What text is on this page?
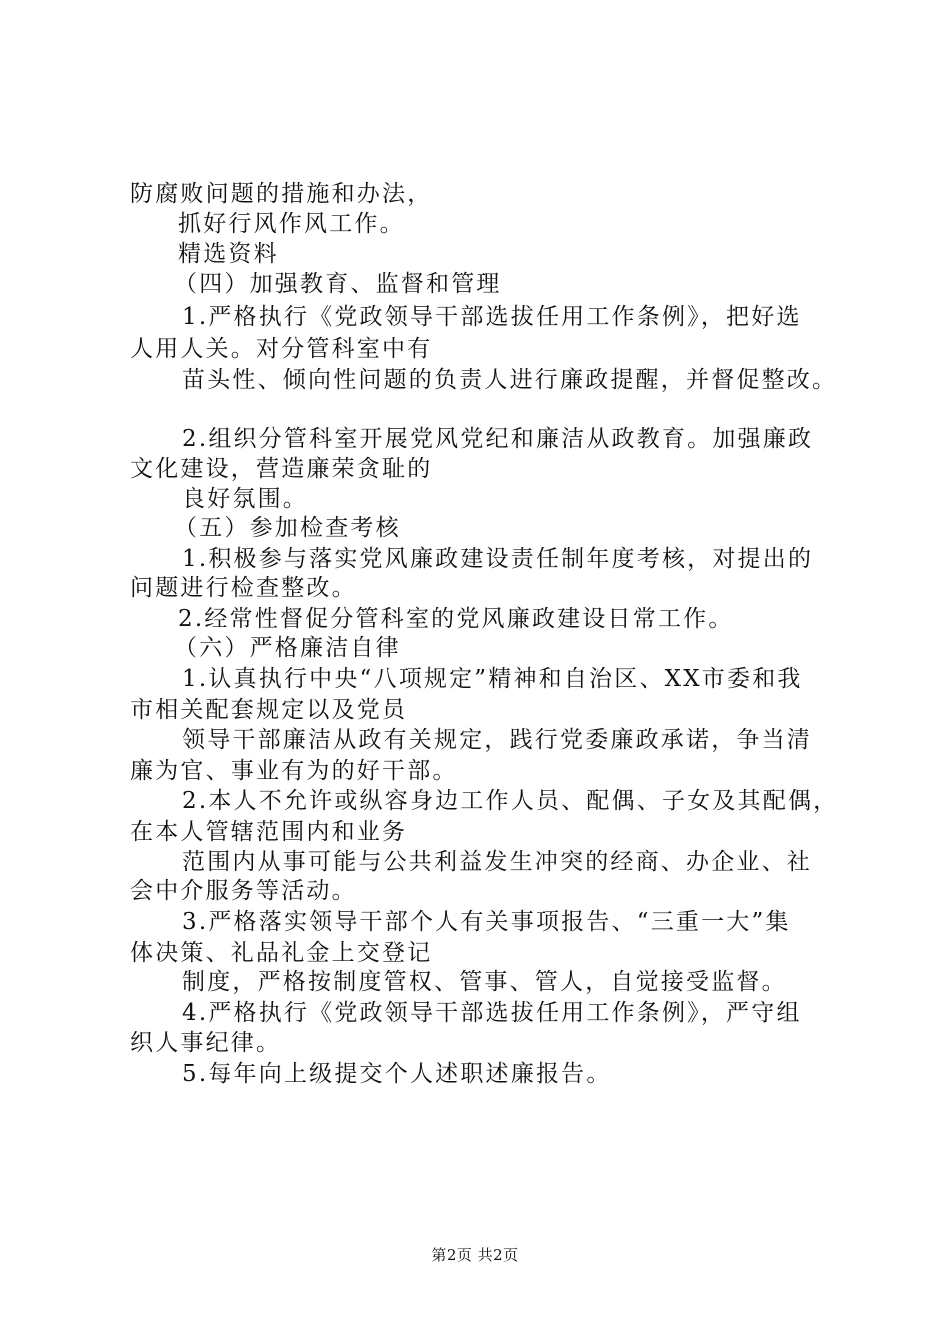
防腐败问题的措施和办法，
抓好行风作风工作。
精选资料
（四）加强教育、监督和管理
1.严格执行《党政领导干部选拔任用工作条例》，把好选
人用人关。对分管科室中有
苗头性、倾向性问题的负责人进行廉政提醒，并督促整改。
2.组织分管科室开展党风党纪和廉洁从政教育。加强廉政
文化建设，营造廉荣贪耻的
良好氛围。
（五）参加检查考核
1.积极参与落实党风廉政建设责任制年度考核，对提出的
问题进行检查整改。
2.经常性督促分管科室的党风廉政建设日常工作。
（六）严格廉洁自律
1.认真执行中央“八项规定”精神和自治区、XX市委和我
市相关配套规定以及党员
领导干部廉洁从政有关规定，践行党委廉政承诺，争当清
廉为官、事业有为的好干部。
2.本人不允许或纵容身边工作人员、配偶、子女及其配偶，
在本人管辖范围内和业务
范围内从事可能与公共利益发生冲突的经商、办企业、社
会中介服务等活动。
3.严格落实领导干部个人有关事项报告、“三重一大”集
体决策、礼品礼金上交登记
制度，严格按制度管权、管事、管人，自觉接受监督。
4.严格执行《党政领导干部选拔任用工作条例》，严守组
织人事纪律。
5.每年向上级提交个人述职述廉报告。
第2页 共2页
